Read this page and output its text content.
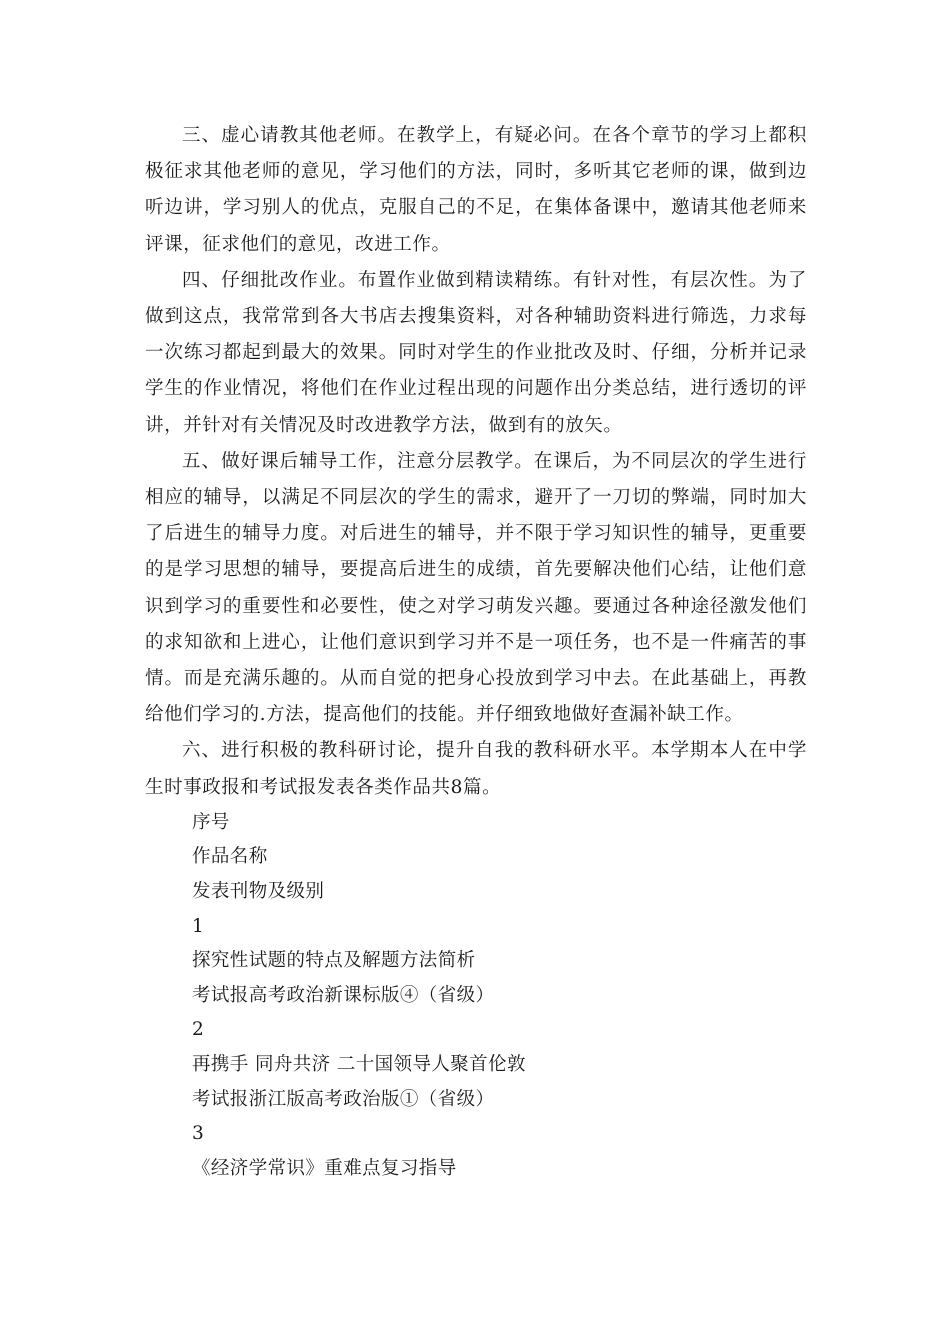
三、虚心请教其他老师。在教学上，有疑必问。在各个章节的学习上都积极征求其他老师的意见，学习他们的方法，同时，多听其它老师的课，做到边听边讲，学习别人的优点，克服自己的不足，在集体备课中，邀请其他老师来评课，征求他们的意见，改进工作。

四、仔细批改作业。布置作业做到精读精练。有针对性，有层次性。为了做到这点，我常常到各大书店去搜集资料，对各种辅助资料进行筛选，力求每一次练习都起到最大的效果。同时对学生的作业批改及时、仔细，分析并记录学生的作业情况，将他们在作业过程出现的问题作出分类总结，进行透切的评讲，并针对有关情况及时改进教学方法，做到有的放矢。

五、做好课后辅导工作，注意分层教学。在课后，为不同层次的学生进行相应的辅导，以满足不同层次的学生的需求，避开了一刀切的弊端，同时加大了后进生的辅导力度。对后进生的辅导，并不限于学习知识性的辅导，更重要的是学习思想的辅导，要提高后进生的成绩，首先要解决他们心结，让他们意识到学习的重要性和必要性，使之对学习萌发兴趣。要通过各种途径激发他们的求知欲和上进心，让他们意识到学习并不是一项任务，也不是一件痛苦的事情。而是充满乐趣的。从而自觉的把身心投放到学习中去。在此基础上，再教给他们学习的.方法，提高他们的技能。并仔细致地做好查漏补缺工作。

六、进行积极的教科研讨论，提升自我的教科研水平。本学期本人在中学生时事政报和考试报发表各类作品共8篇。

序号
作品名称
发表刊物及级别
1
探究性试题的特点及解题方法简析
考试报高考政治新课标版④（省级）
2
再携手 同舟共济 二十国领导人聚首伦敦
考试报浙江版高考政治版①（省级）
3
《经济学常识》重难点复习指导
